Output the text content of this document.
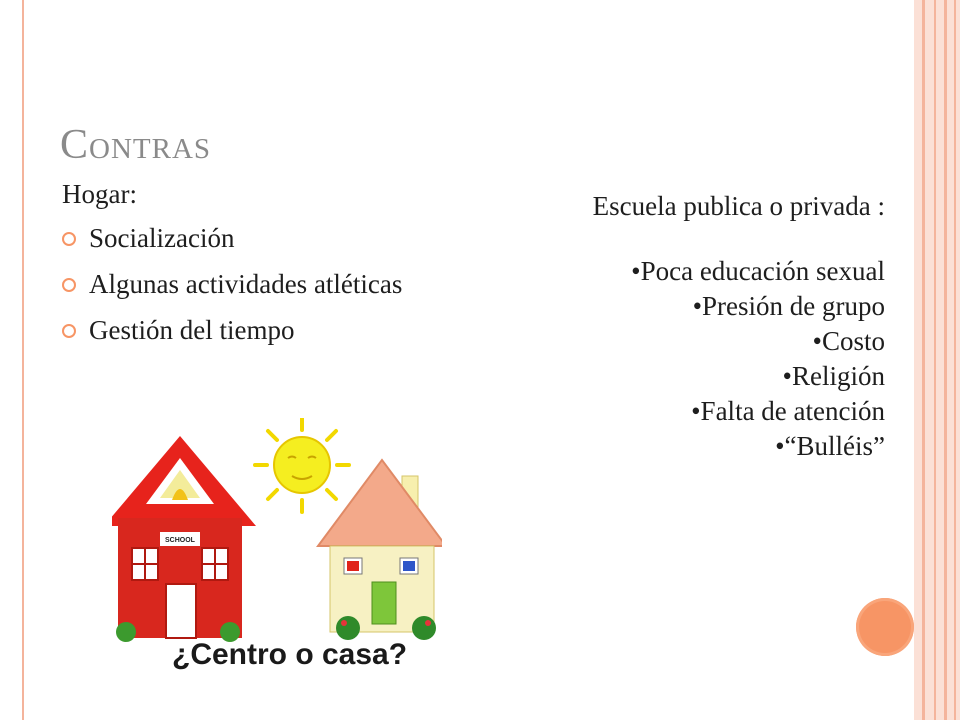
Contras
Hogar:
Socialización
Algunas actividades atléticas
Gestión del tiempo
Escuela publica o privada :
•Poca educación sexual
•Presión de grupo
•Costo
•Religión
•Falta de atención
•“Bulléis”
SCHOOL
¿Centro o casa?
